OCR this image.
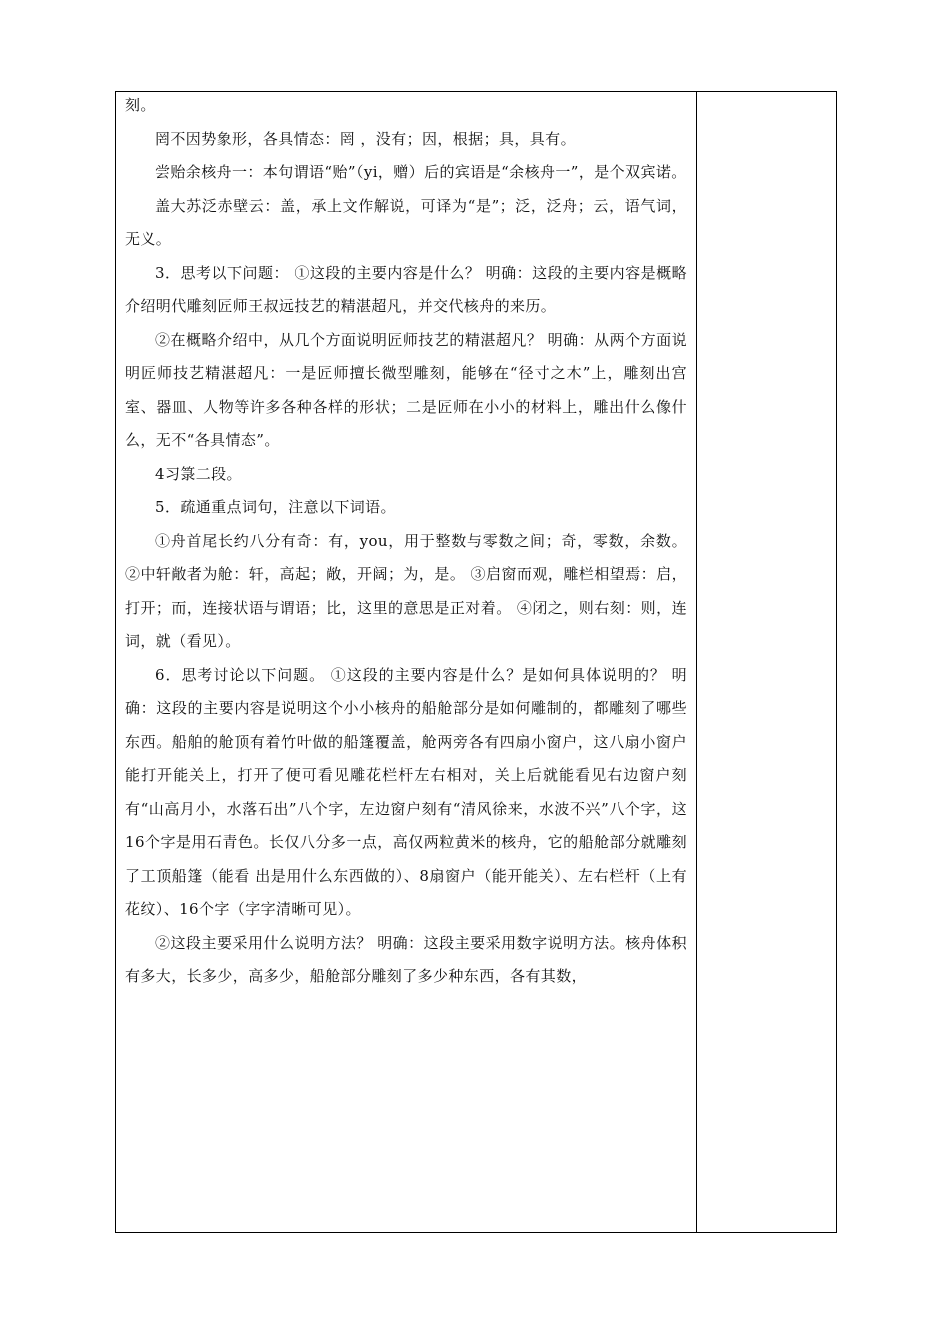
刻。

罔不因势象形，各具情态：罔 ，没有；因，根据；具，具有。

尝贻余核舟一：本句谓语“贻”（yi，赠）后的宾语是“余核舟一”，是个双宾诺。

盖大苏泛赤壁云：盖，承上文作解说，可译为“是”；泛，泛舟；云，语气词，无义。

3．思考以下问题： ①这段的主要内容是什么？ 明确：这段的主要内容是概略介绍明代雕刻匠师王叔远技艺的精湛超凡，并交代核舟的来历。

②在概略介绍中，从几个方面说明匠师技艺的精湛超凡？ 明确：从两个方面说明匠师技艺精湛超凡：一是匠师擅长微型雕刻，能够在“径寸之木”上，雕刻出宫室、器皿、人物等许多各种各样的形状；二是匠师在小小的材料上，雕出什么像什么，无不“各具情态”。

4习箓二段。

5．疏通重点词句，注意以下词语。

①舟首尾长约八分有奇：有，you，用于整数与零数之间；奇，零数，余数。 ②中轩敞者为舱：轩，高起；敞，开阔；为，是。 ③启窗而观，雕栏相望焉：启，打开；而，连接状语与谓语；比，这里的意思是正对着。 ④闭之，则右刻：则，连词，就（看见）。

6．思考讨论以下问题。 ①这段的主要内容是什么？是如何具体说明的？ 明确：这段的主要内容是说明这个小小核舟的船舱部分是如何雕制的，都雕刻了哪些东西。船舶的舱顶有着竹叶做的船篷覆盖，舱两旁各有四扇小窗户，这八扇小窗户能打开能关上，打开了便可看见雕花栏杆左右相对，关上后就能看见右边窗户刻有“山高月小，水落石出”八个字，左边窗户刻有“清风徐来，水波不兴”八个字，这16个字是用石青色。长仅八分多一点，高仅两粒黄米的核舟，它的船舱部分就雕刻了工顶船篷（能看 出是用什么东西做的）、8扇窗户（能开能关）、左右栏杆（上有花纹）、16个字（字字清晰可见）。

②这段主要采用什么说明方法？ 明确：这段主要采用数字说明方法。核舟体积有多大，长多少，高多少，船舱部分雕刻了多少种东西，各有其数，
